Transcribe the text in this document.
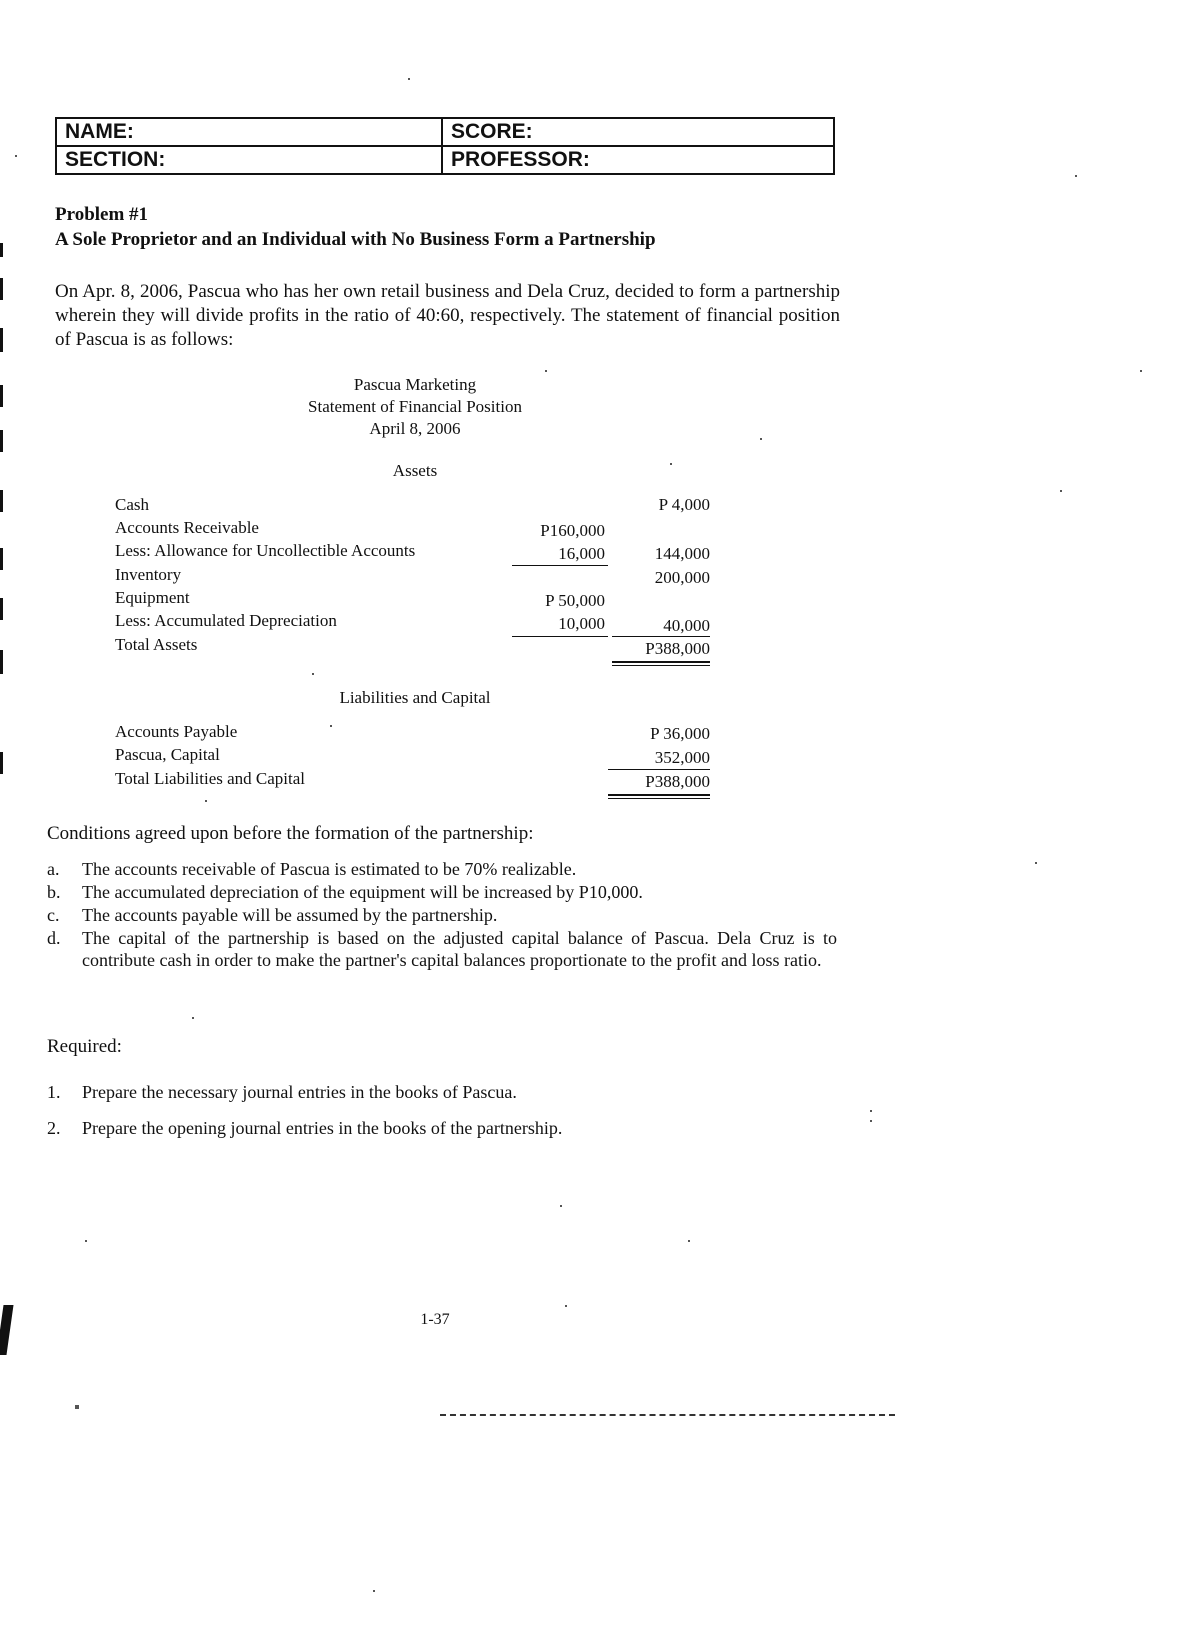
NAME:	SCORE:
SECTION:	PROFESSOR:
Problem #1
A Sole Proprietor and an Individual with No Business Form a Partnership
On Apr. 8, 2006, Pascua who has her own retail business and Dela Cruz, decided to form a partnership wherein they will divide profits in the ratio of 40:60, respectively. The statement of financial position of Pascua is as follows:
Pascua Marketing
Statement of Financial Position
April 8, 2006
Assets
Cash	P 4,000
Accounts Receivable	P160,000
Less: Allowance for Uncollectible Accounts	16,000	144,000
Inventory	200,000
Equipment	P 50,000
Less: Accumulated Depreciation	10,000	40,000
Total Assets	P388,000
Liabilities and Capital
Accounts Payable	P 36,000
Pascua, Capital	352,000
Total Liabilities and Capital	P388,000
Conditions agreed upon before the formation of the partnership:
a.	The accounts receivable of Pascua is estimated to be 70% realizable.
b.	The accumulated depreciation of the equipment will be increased by P10,000.
c.	The accounts payable will be assumed by the partnership.
d.	The capital of the partnership is based on the adjusted capital balance of Pascua. Dela Cruz is to contribute cash in order to make the partner's capital balances proportionate to the profit and loss ratio.
Required:
1.	Prepare the necessary journal entries in the books of Pascua.
2.	Prepare the opening journal entries in the books of the partnership.
1-37
